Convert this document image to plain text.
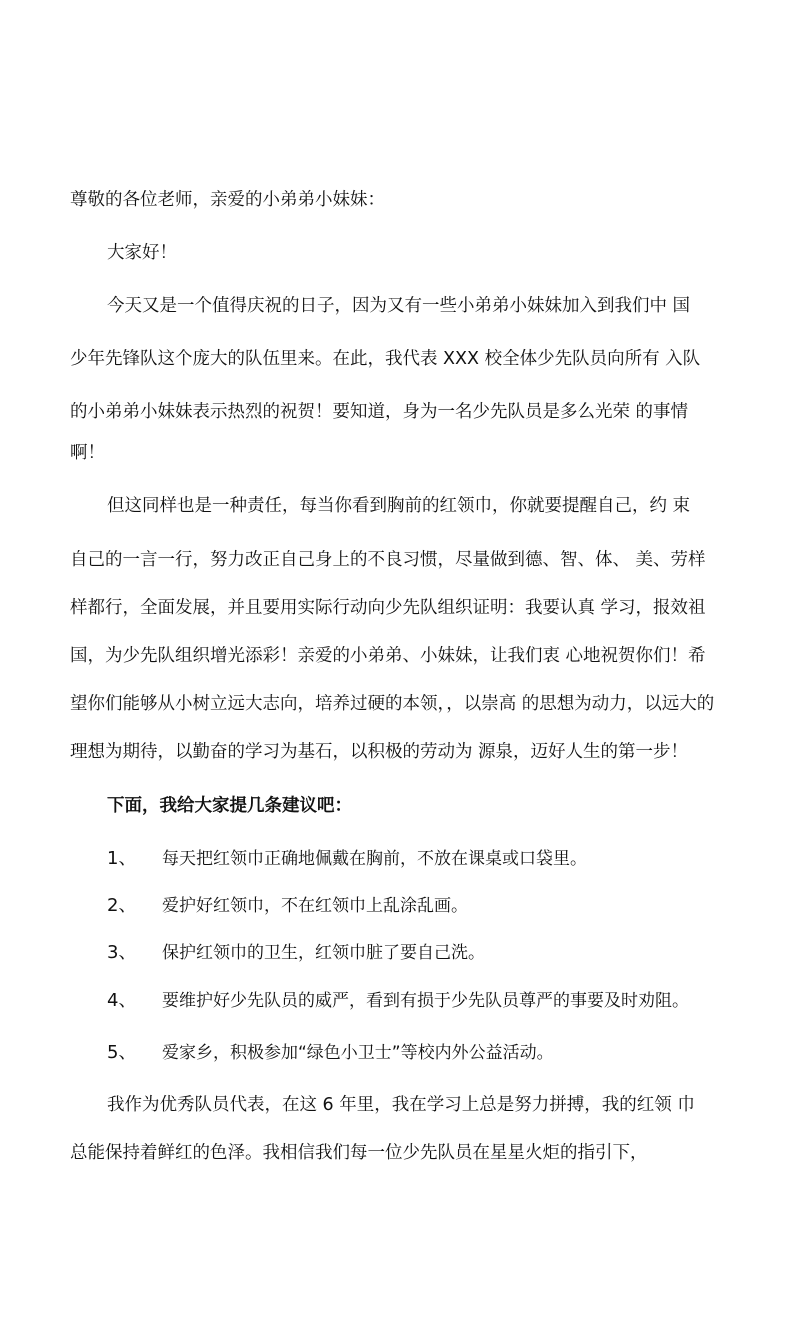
尊敬的各位老师，亲爱的小弟弟小妹妹：

大家好！

今天又是一个值得庆祝的日子，因为又有一些小弟弟小妹妹加入到我们中 国

少年先锋队这个庞大的队伍里来。在此，我代表 XXX 校全体少先队员向所有 入队

的小弟弟小妹妹表示热烈的祝贺！要知道，身为一名少先队员是多么光荣 的事情

啊！

但这同样也是一种责任，每当你看到胸前的红领巾，你就要提醒自己，约 束

自己的一言一行，努力改正自己身上的不良习惯，尽量做到德、智、体、 美、劳样

样都行，全面发展，并且要用实际行动向少先队组织证明：我要认真 学习，报效祖

国，为少先队组织增光添彩！亲爱的小弟弟、小妹妹，让我们衷 心地祝贺你们！希

望你们能够从小树立远大志向，培养过硬的本领，，以崇高 的思想为动力，以远大的

理想为期待，以勤奋的学习为基石，以积极的劳动为 源泉，迈好人生的第一步！

下面，我给大家提几条建议吧：

1、 每天把红领巾正确地佩戴在胸前，不放在课桌或口袋里。

2、 爱护好红领巾，不在红领巾上乱涂乱画。

3、 保护红领巾的卫生，红领巾脏了要自己洗。

4、 要维护好少先队员的威严，看到有损于少先队员尊严的事要及时劝阻。

5、 爱家乡，积极参加“绿色小卫士”等校内外公益活动。

我作为优秀队员代表，在这 6 年里，我在学习上总是努力拼搏，我的红领 巾

总能保持着鲜红的色泽。我相信我们每一位少先队员在星星火炬的指引下，
